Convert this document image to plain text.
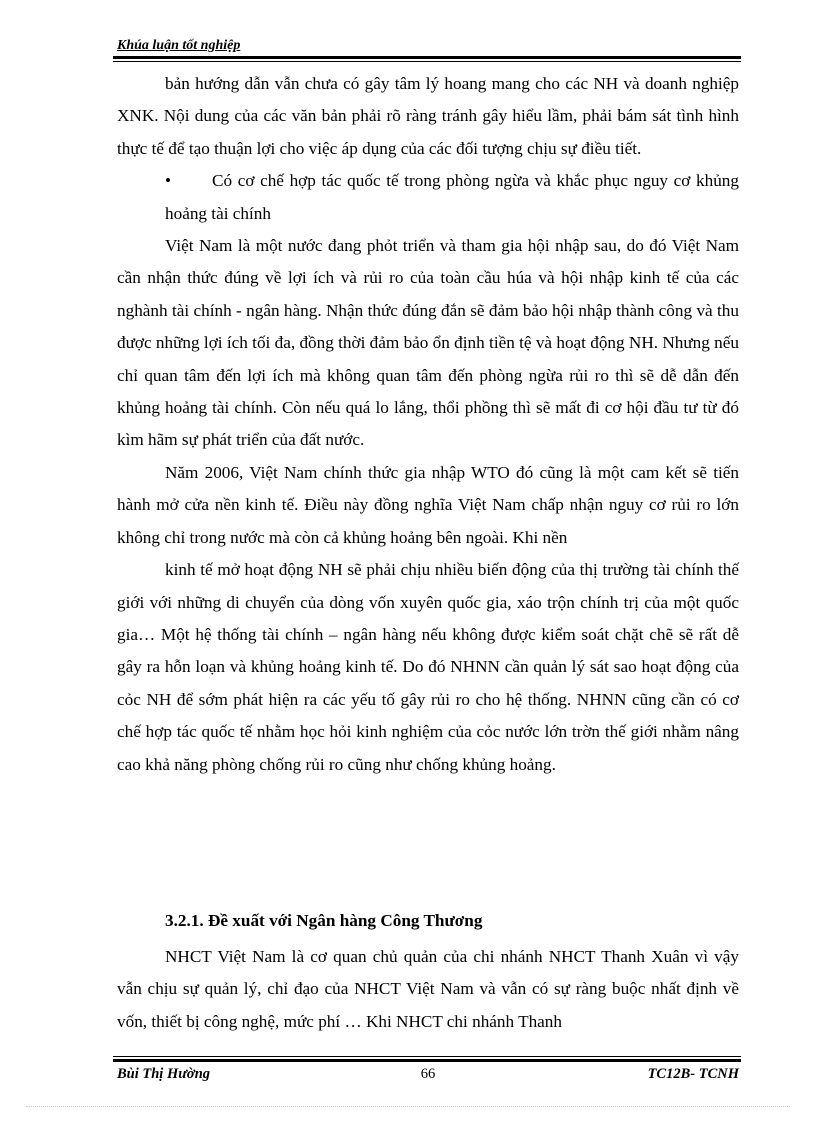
Khúa luận tốt nghiệp

bản hướng dẫn vẫn chưa có gây tâm lý hoang mang cho các NH và doanh nghiệp XNK. Nội dung của các văn bản phải rõ ràng tránh gây hiểu lầm, phải bám sát tình hình thực tế để tạo thuận lợi cho việc áp dụng của các đối tượng chịu sự điều tiết.

• Có cơ chế hợp tác quốc tế trong phòng ngừa và khắc phục nguy cơ khủng hoảng tài chính

Việt Nam là một nước đang phỏt triển và tham gia hội nhập sau, do đó Việt Nam cần nhận thức đúng về lợi ích và rủi ro của toàn cầu húa và hội nhập kinh tế của các nghành tài chính - ngân hàng. Nhận thức đúng đắn sẽ đảm bảo hội nhập thành công và thu được những lợi ích tối đa, đồng thời đảm bảo ổn định tiền tệ và hoạt động NH. Nhưng nếu chỉ quan tâm đến lợi ích mà không quan tâm đến phòng ngừa rủi ro thì sẽ dễ dẫn đến khủng hoảng tài chính. Còn nếu quá lo lắng, thổi phồng thì sẽ mất đi cơ hội đầu tư từ đó kìm hãm sự phát triển của đất nước.

Năm 2006, Việt Nam chính thức gia nhập WTO đó cũng là một cam kết sẽ tiến hành mở cửa nền kinh tế. Điều này đồng nghĩa Việt Nam chấp nhận nguy cơ rủi ro lớn không chỉ trong nước mà còn cả khủng hoảng bên ngoài. Khi nền

kinh tế mở hoạt động NH sẽ phải chịu nhiều biến động của thị trường tài chính thế giới với những di chuyển của dòng vốn xuyên quốc gia, xáo trộn chính trị của một quốc gia… Một hệ thống tài chính – ngân hàng nếu không được kiểm soát chặt chẽ sẽ rất dễ gây ra hỗn loạn và khủng hoảng kinh tế. Do đó NHNN cần quản lý sát sao hoạt động của cỏc NH để sớm phát hiện ra các yếu tố gây rủi ro cho hệ thống. NHNN cũng cần có cơ chế hợp tác quốc tế nhằm học hỏi kinh nghiệm của cỏc nước lớn trờn thế giới nhằm nâng cao khả năng phòng chống rủi ro cũng như chống khủng hoảng.

3.2.1. Đề xuất với Ngân hàng Công Thương

NHCT Việt Nam là cơ quan chủ quản của chi nhánh NHCT Thanh Xuân vì vậy vẫn chịu sự quản lý, chỉ đạo của NHCT Việt Nam và vẫn có sự ràng buộc nhất định về vốn, thiết bị công nghệ, mức phí … Khi NHCT chi nhánh Thanh

Bùi Thị Hường	66	TC12B- TCNH
